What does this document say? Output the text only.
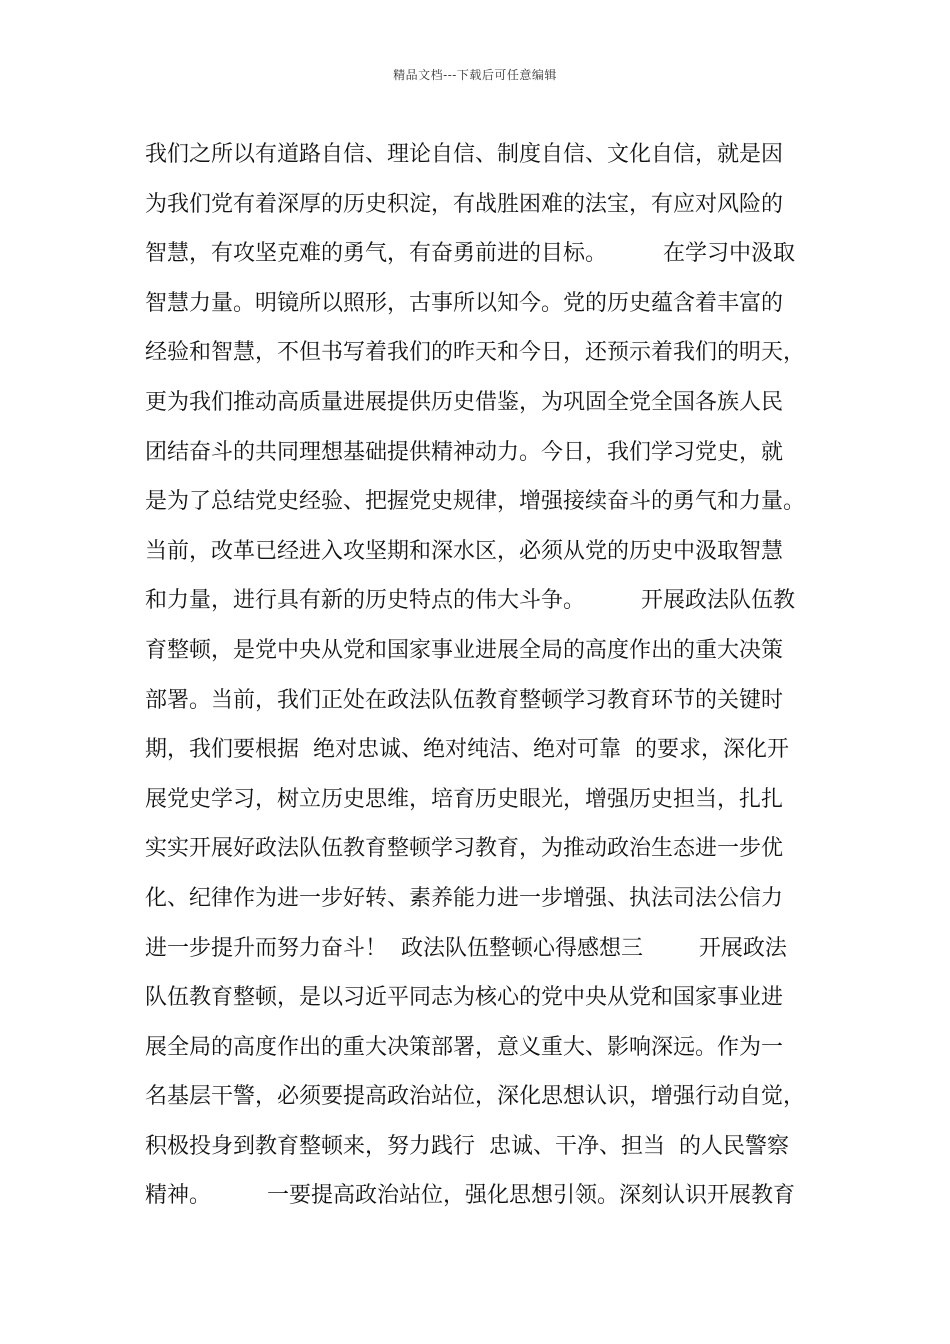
精品文档---下载后可任意编辑
我们之所以有道路自信、理论自信、制度自信、文化自信，就是因
为我们党有着深厚的历史积淀，有战胜困难的法宝，有应对风险的
智慧，有攻坚克难的勇气，有奋勇前进的目标。        在学习中汲取
智慧力量。明镜所以照形，古事所以知今。党的历史蕴含着丰富的
经验和智慧，不但书写着我们的昨天和今日，还预示着我们的明天，
更为我们推动高质量进展提供历史借鉴，为巩固全党全国各族人民
团结奋斗的共同理想基础提供精神动力。今日，我们学习党史，就
是为了总结党史经验、把握党史规律，增强接续奋斗的勇气和力量。
当前，改革已经进入攻坚期和深水区，必须从党的历史中汲取智慧
和力量，进行具有新的历史特点的伟大斗争。        开展政法队伍教
育整顿，是党中央从党和国家事业进展全局的高度作出的重大决策
部署。当前，我们正处在政法队伍教育整顿学习教育环节的关键时
期，我们要根据  绝对忠诚、绝对纯洁、绝对可靠  的要求，深化开
展党史学习，树立历史思维，培育历史眼光，增强历史担当，扎扎
实实开展好政法队伍教育整顿学习教育，为推动政治生态进一步优
化、纪律作为进一步好转、素养能力进一步增强、执法司法公信力
进一步提升而努力奋斗！  政法队伍整顿心得感想三        开展政法
队伍教育整顿，是以习近平同志为核心的党中央从党和国家事业进
展全局的高度作出的重大决策部署，意义重大、影响深远。作为一
名基层干警，必须要提高政治站位，深化思想认识，增强行动自觉，
积极投身到教育整顿来，努力践行  忠诚、干净、担当  的人民警察
精神。        一要提高政治站位，强化思想引领。深刻认识开展教育
